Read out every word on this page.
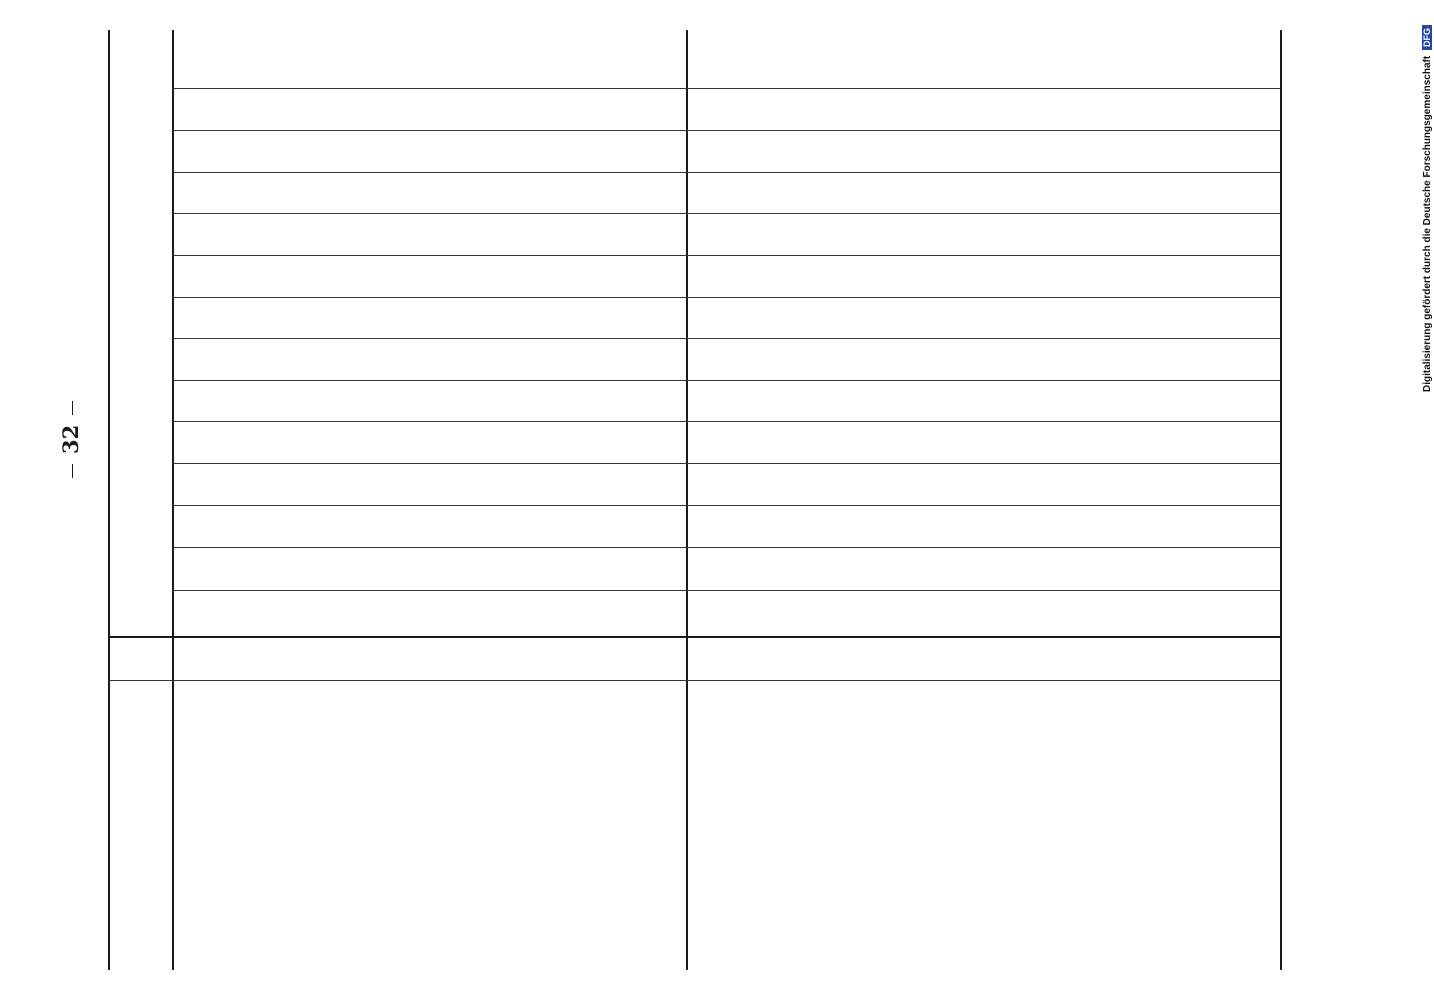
32
Digitalisierung gefördert durch die Deutsche Forschungsgemeinschaft DFG
